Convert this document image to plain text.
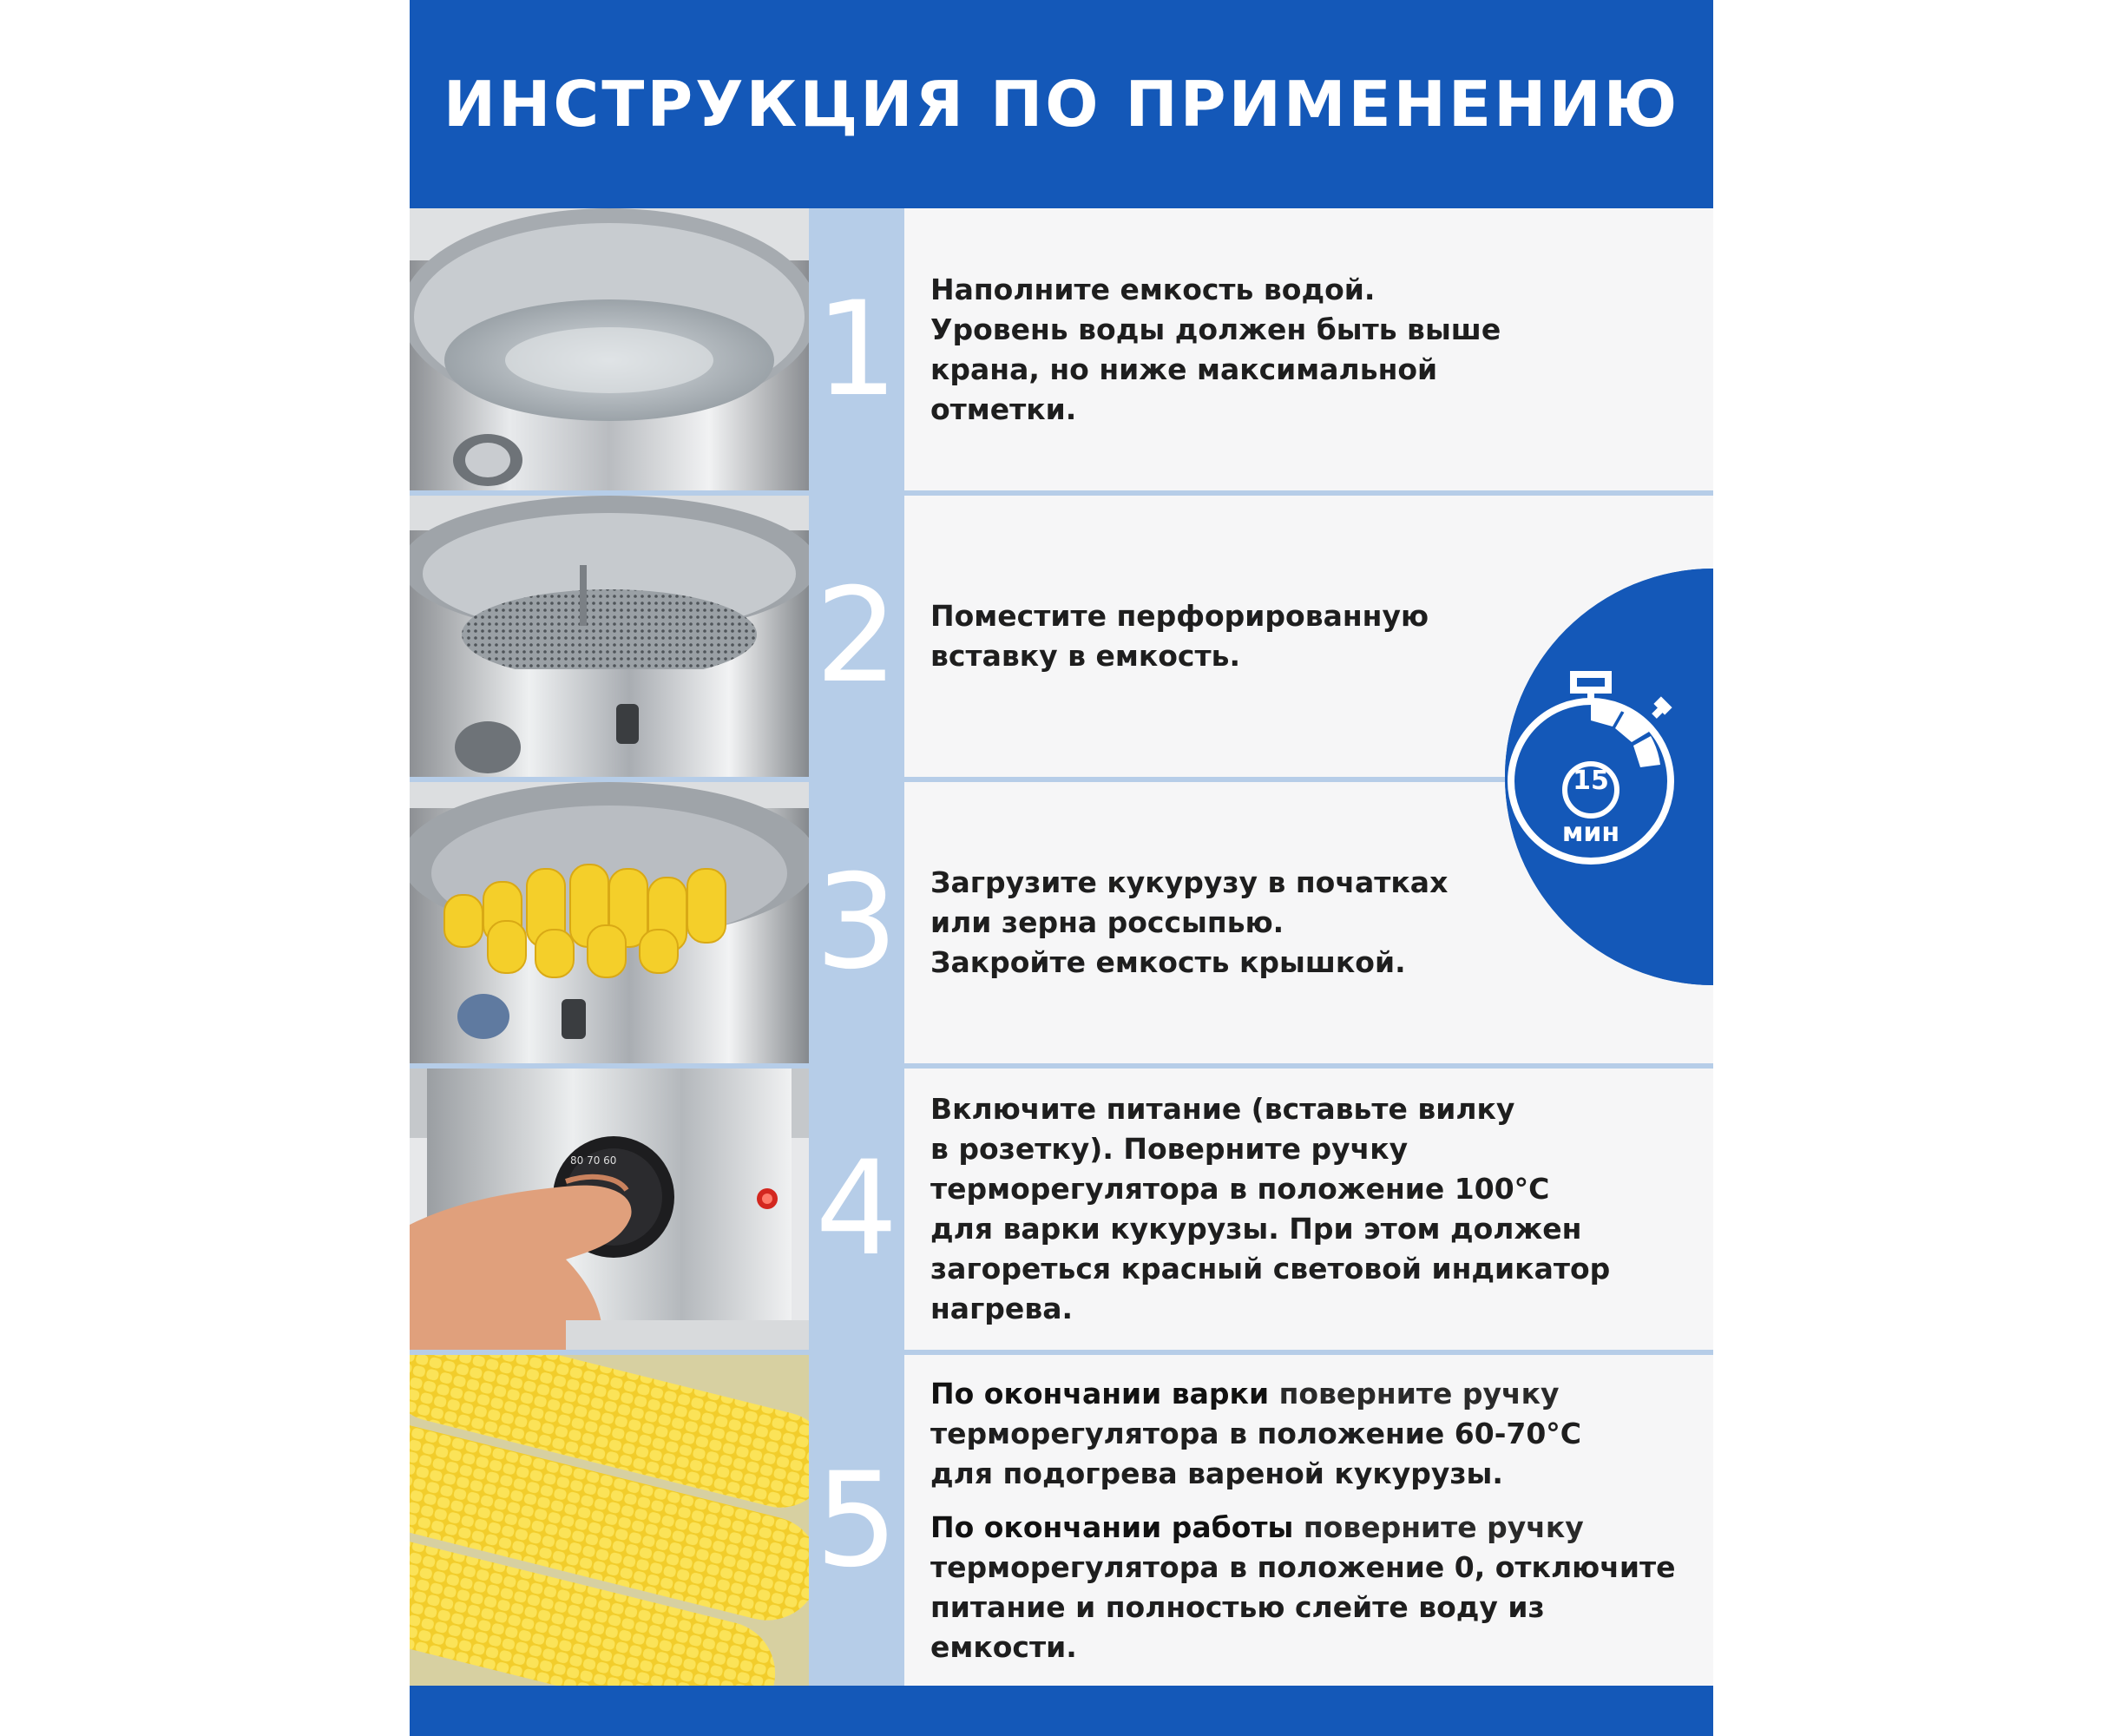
ИНСТРУКЦИЯ ПО ПРИМЕНЕНИЮ
1 Наполните емкость водой.

Уровень воды должен быть выше

крана, но ниже максимальной

отметки.

2 Поместите перфорированную

вставку в емкость.

3 Загрузите кукурузу в початках

или зерна россыпью.

Закройте емкость крышкой.

80 70 60 4

Включите питание (вставьте вилку

в розетку). Поверните ручку

терморегулятора в положение 100°С

для варки кукурузы. При этом должен

загореться красный световой индикатор

нагрева.

5

По окончании варки поверните ручку

терморегулятора в положение 60-70°С

для подогрева вареной кукурузы.

По окончании работы поверните ручку

терморегулятора в положение 0, отключите

питание и полностью слейте воду из емкости.

15
мин
